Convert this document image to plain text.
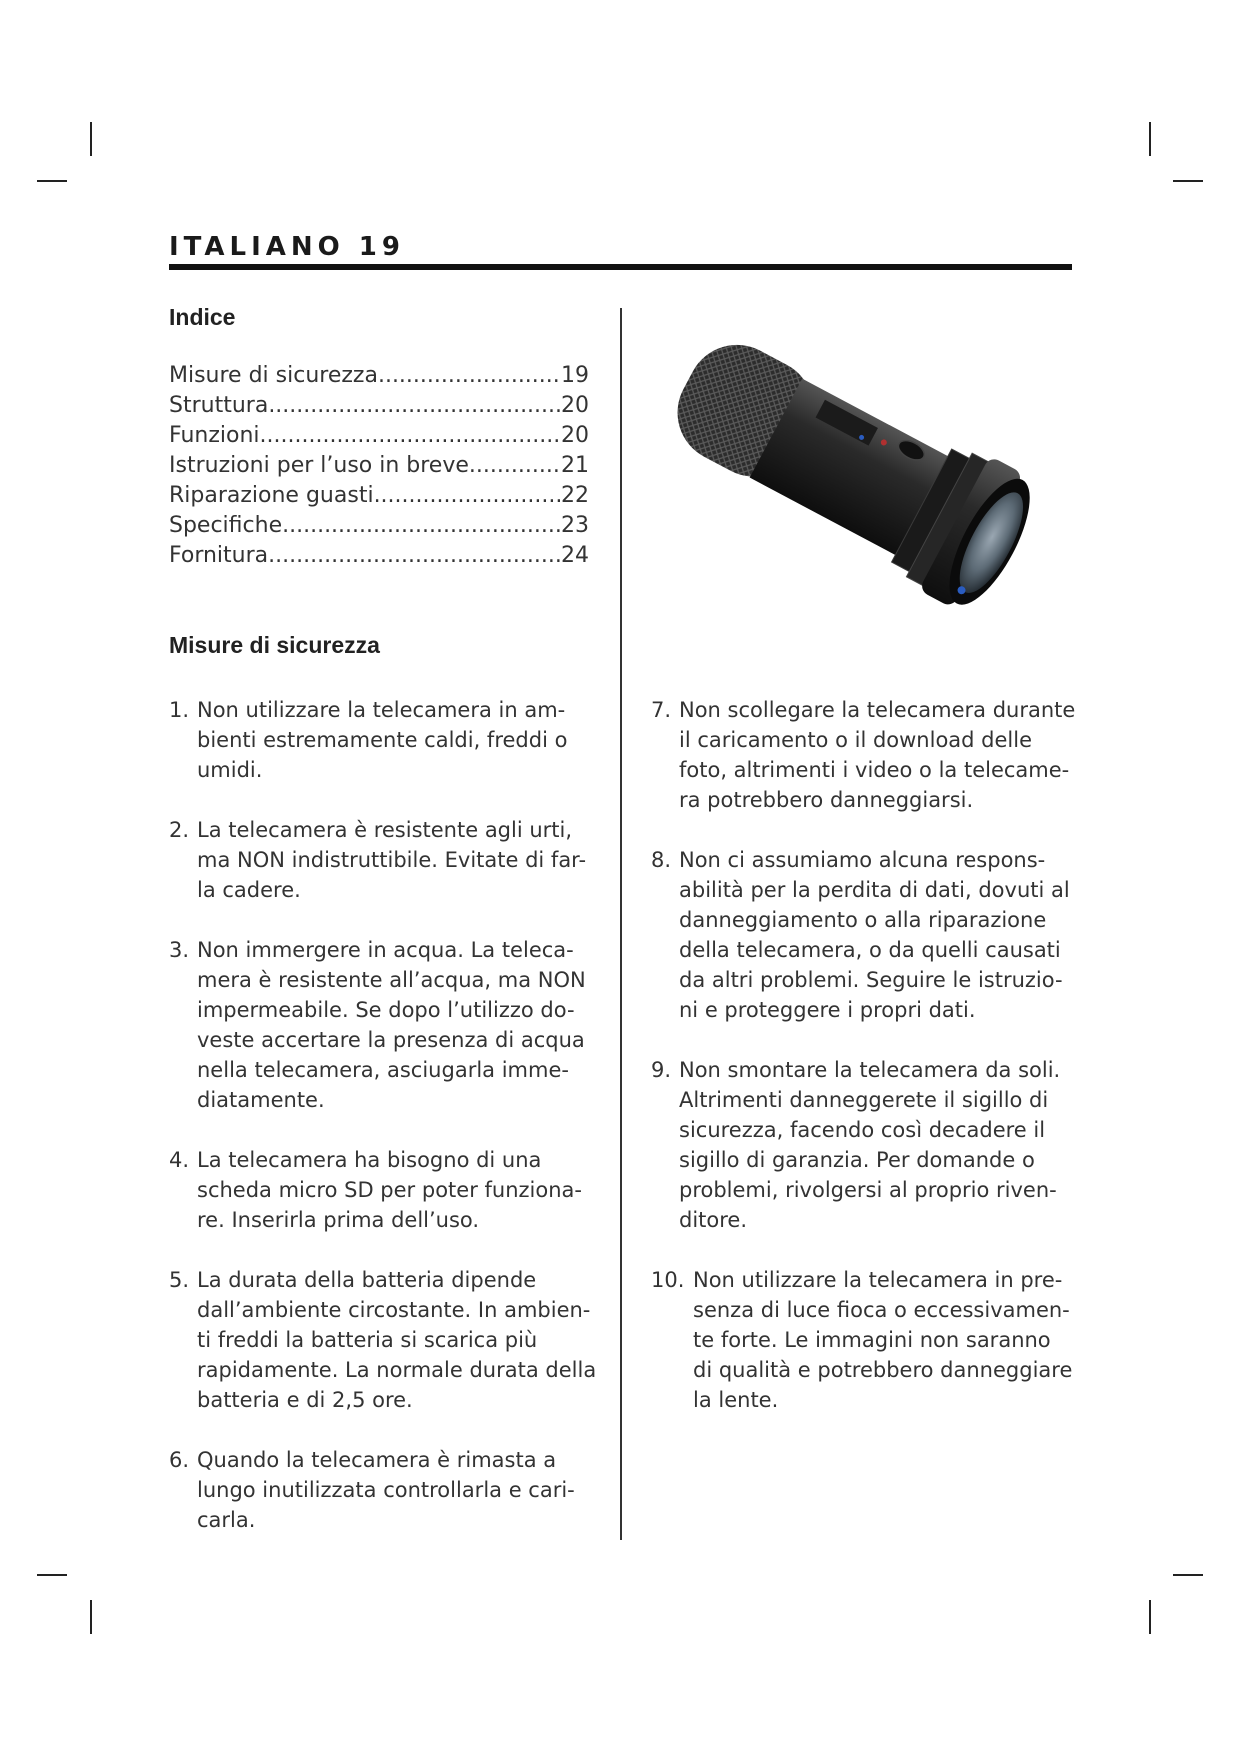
ITALIANO 19
Indice
Misure di sicurezza .....	19
Struttura .....	20
Funzioni .....	20
Istruzioni per l’uso in breve .....	21
Riparazione guasti .....	22
Specifiche .....	23
Fornitura .....	24
Misure di sicurezza
1. Non utilizzare la telecamera in am-bienti estremamente caldi, freddi o umidi.
2. La telecamera è resistente agli urti, ma NON indistruttibile. Evitate di far-la cadere.
3. Non immergere in acqua. La teleca-mera è resistente all’acqua, ma NON impermeabile. Se dopo l’utilizzo do-veste accertare la presenza di acqua nella telecamera, asciugarla imme-diatamente.
4. La telecamera ha bisogno di una scheda micro SD per poter funziona-re. Inserirla prima dell’uso.
5. La durata della batteria dipende dall’ambiente circostante. In ambien-ti freddi la batteria si scarica più rapidamente. La normale durata della batteria e di 2,5 ore.
6. Quando la telecamera è rimasta a lungo inutilizzata controllarla e cari-carla.
7. Non scollegare la telecamera durante il caricamento o il download delle foto, altrimenti i video o la telecame-ra potrebbero danneggiarsi.
8. Non ci assumiamo alcuna respons-abilità per la perdita di dati, dovuti al danneggiamento o alla riparazione della telecamera, o da quelli causati da altri problemi. Seguire le istruzio-ni e proteggere i propri dati.
9. Non smontare la telecamera da soli. Altrimenti danneggerete il sigillo di sicurezza, facendo così decadere il sigillo di garanzia. Per domande o problemi, rivolgersi al proprio riven-ditore.
10. Non utilizzare la telecamera in pre-senza di luce fioca o eccessivamen-te forte. Le immagini non saranno di qualità e potrebbero danneggiare la lente.
